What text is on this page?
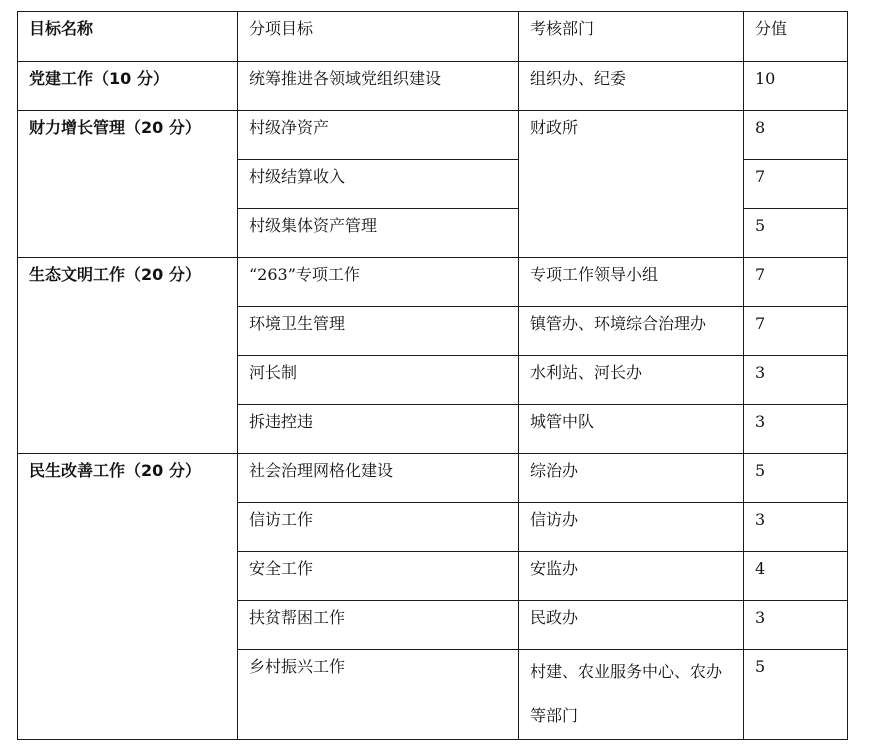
目标名称	分项目标	考核部门	分值
党建工作（10 分）	统筹推进各领域党组织建设	组织办、纪委	10
财力增长管理（20 分）	村级净资产	财政所	8
	村级结算收入		7
	村级集体资产管理		5
生态文明工作（20 分）	“263”专项工作	专项工作领导小组	7
	环境卫生管理	镇管办、环境综合治理办	7
	河长制	水利站、河长办	3
	拆违控违	城管中队	3
民生改善工作（20 分）	社会治理网格化建设	综治办	5
	信访工作	信访办	3
	安全工作	安监办	4
	扶贫帮困工作	民政办	3
	乡村振兴工作	村建、农业服务中心、农办等部门	5
